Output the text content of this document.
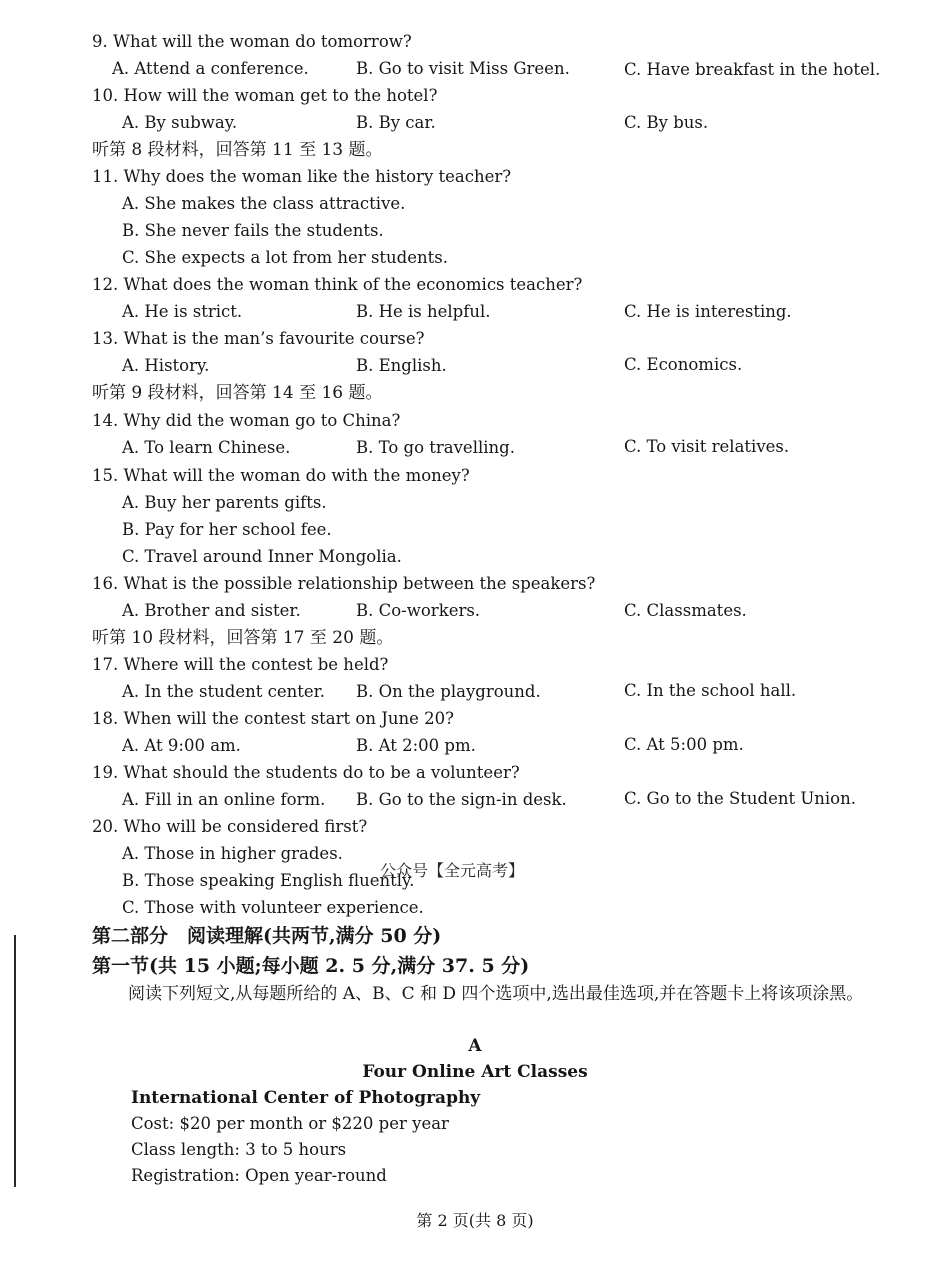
9. What will the woman do tomorrow?
A. Attend a conference.	B. Go to visit Miss Green.	C. Have breakfast in the hotel.
10. How will the woman get to the hotel?
A. By subway.	B. By car.	C. By bus.
听第 8 段材料，回答第 11 至 13 题。
11. Why does the woman like the history teacher?
A. She makes the class attractive.
B. She never fails the students.
C. She expects a lot from her students.
12. What does the woman think of the economics teacher?
A. He is strict.	B. He is helpful.	C. He is interesting.
13. What is the man’s favourite course?
A. History.	B. English.	C. Economics.
听第 9 段材料，回答第 14 至 16 题。
14. Why did the woman go to China?
A. To learn Chinese.	B. To go travelling.	C. To visit relatives.
15. What will the woman do with the money?
A. Buy her parents gifts.
B. Pay for her school fee.
C. Travel around Inner Mongolia.
16. What is the possible relationship between the speakers?
A. Brother and sister.	B. Co-workers.	C. Classmates.
听第 10 段材料，回答第 17 至 20 题。
17. Where will the contest be held?
A. In the student center. B. On the playground.	C. In the school hall.
18. When will the contest start on June 20?
A. At 9:00 am.	B. At 2:00 pm.	C. At 5:00 pm.
19. What should the students do to be a volunteer?
A. Fill in an online form. B. Go to the sign-in desk.	C. Go to the Student Union.
20. Who will be considered first?
A. Those in higher grades.
B. Those speaking English fluently.
C. Those with volunteer experience.
公众号【全元高考】
第二部分　阅读理解(共两节,满分 50 分)
第一节(共 15 小题;每小题 2. 5 分,满分 37. 5 分)
阅读下列短文,从每题所给的 A、B、C 和 D 四个选项中,选出最佳选项,并在答题卡上将该项涂黑。
A
Four Online Art Classes
International Center of Photography
Cost: $20 per month or $220 per year
Class length: 3 to 5 hours
Registration: Open year-round
第 2 页(共 8 页)
